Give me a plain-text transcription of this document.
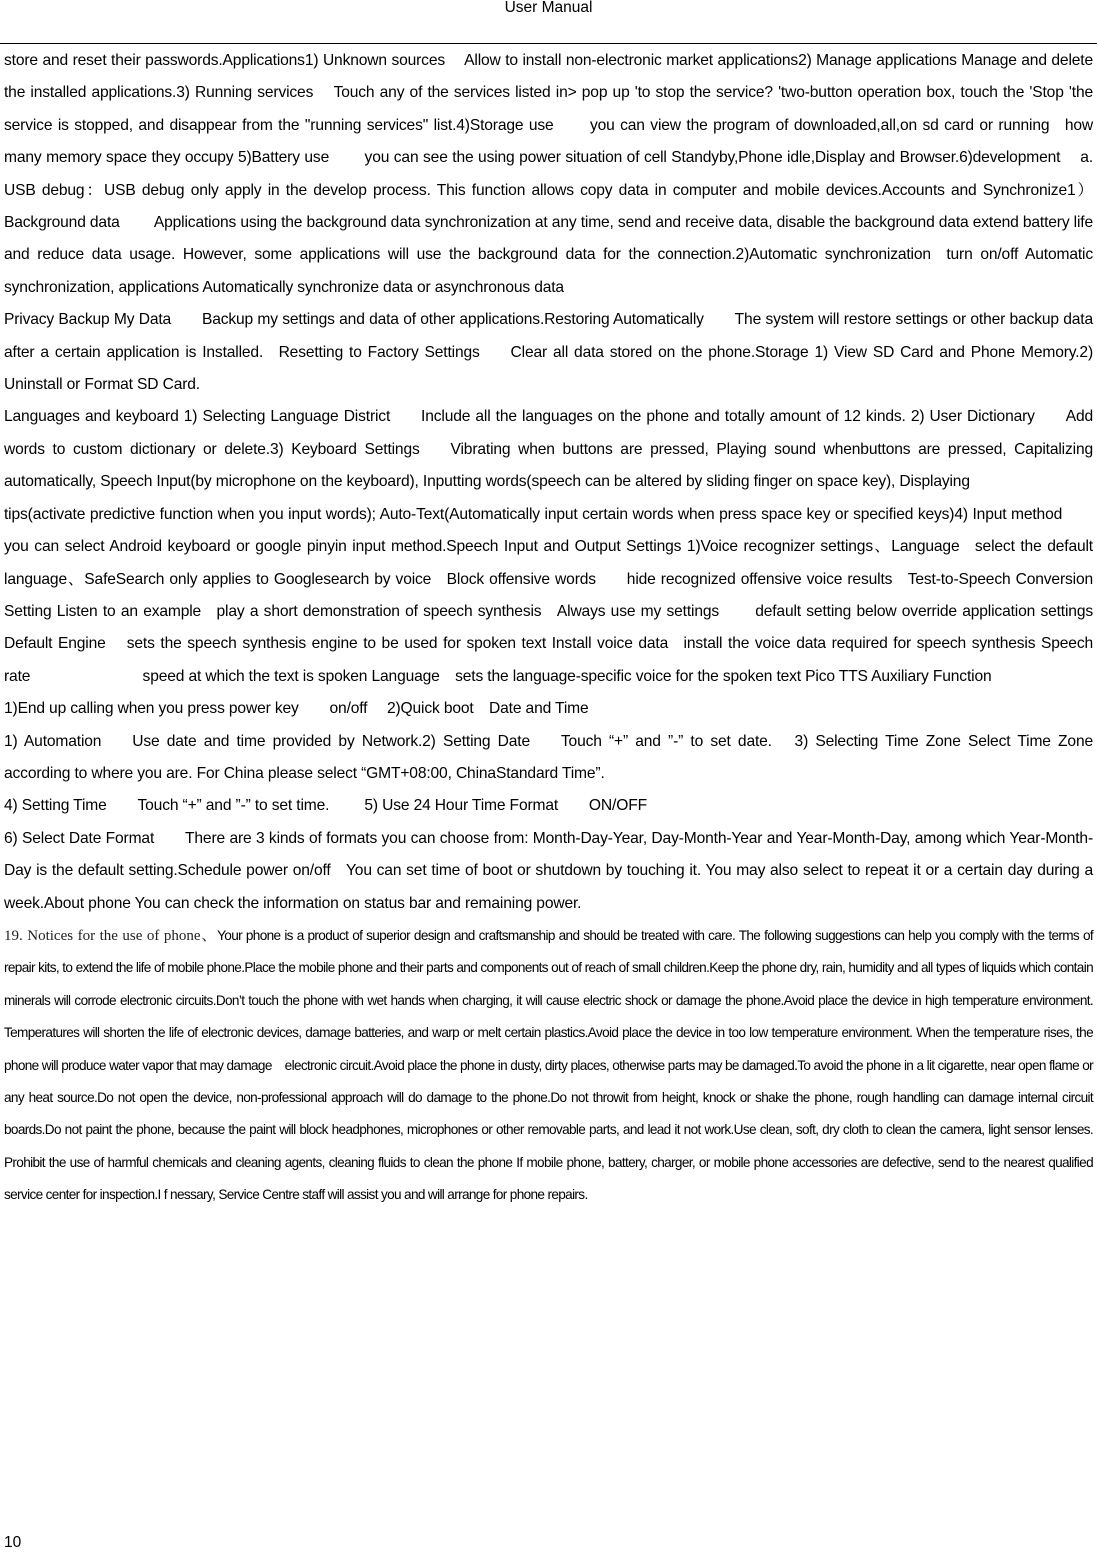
User Manual

store and reset their passwords.Applications1) Unknown sources  Allow to install non-electronic market applications2) Manage applications Manage and delete the installed applications.3) Running services  Touch any of the services listed in> pop up 'to stop the service? 'two-button operation box, touch the 'Stop 'the service is stopped, and disappear from the "running services" list.4)Storage use   you can view the program of downloaded,all,on sd card or running how many memory space they occupy 5)Battery use   you can see the using power situation of cell Standyby,Phone idle,Display and Browser.6)development  a. USB debug：USB debug only apply in the develop process. This function allows copy data in computer and mobile devices.Accounts and Synchronize1）Background data   Applications using the background data synchronization at any time, send and receive data, disable the background data extend battery life and reduce data usage. However, some applications will use the background data for the connection.2)Automatic synchronization turn on/off Automatic synchronization, applications Automatically synchronize data or asynchronous data

Privacy Backup My Data  Backup my settings and data of other applications.Restoring Automatically  The system will restore settings or other backup data after a certain application is Installed. Resetting to Factory Settings  Clear all data stored on the phone.Storage 1) View SD Card and Phone Memory.2) Uninstall or Format SD Card.

Languages and keyboard 1) Selecting Language District  Include all the languages on the phone and totally amount of 12 kinds. 2) User Dictionary  Add words to custom dictionary or delete.3) Keyboard Settings  Vibrating when buttons are pressed, Playing sound whenbuttons are pressed, Capitalizing automatically, Speech Input(by microphone on the keyboard), Inputting words(speech can be altered by sliding finger on space key), Displaying

tips(activate predictive function when you input words); Auto-Text(Automatically input certain words when press space key or specified keys)4) Input method  you can select Android keyboard or google pinyin input method.Speech Input and Output Settings 1)Voice recognizer settings、Language select the default language、SafeSearch only applies to Googlesearch by voice Block offensive words  hide recognized offensive voice results Test-to-Speech Conversion Setting Listen to an example play a short demonstration of speech synthesis Always use my settings   default setting below override application settings Default Engine  sets the speech synthesis engine to be used for spoken text Install voice data install the voice data required for speech synthesis Speech rate        speed at which the text is spoken Language sets the language-specific voice for the spoken text Pico TTS Auxiliary Function

1)End up calling when you press power key  on/off  2)Quick boot Date and Time

1) Automation  Use date and time provided by Network.2) Setting Date  Touch “+” and ”-” to set date.  3) Selecting Time Zone Select Time Zone according to where you are. For China please select “GMT+08:00, ChinaStandard Time”.

4) Setting Time  Touch “+” and ”-” to set time.   5) Use 24 Hour Time Format  ON/OFF

6) Select Date Format  There are 3 kinds of formats you can choose from: Month-Day-Year, Day-Month-Year and Year-Month-Day, among which Year-Month-Day is the default setting.Schedule power on/off You can set time of boot or shutdown by touching it. You may also select to repeat it or a certain day during a week.About phone You can check the information on status bar and remaining power.

19. Notices for the use of phone、Your phone is a product of superior design and craftsmanship and should be treated with care. The following suggestions can help you comply with the terms of repair kits, to extend the life of mobile phone.Place the mobile phone and their parts and components out of reach of small children.Keep the phone dry, rain, humidity and all types of liquids which contain minerals will corrode electronic circuits.Don’t touch the phone with wet hands when charging, it will cause electric shock or damage the phone.Avoid place the device in high temperature environment. Temperatures will shorten the life of electronic devices, damage batteries, and warp or melt certain plastics.Avoid place the device in too low temperature environment. When the temperature rises, the phone will produce water vapor that may damage electronic circuit.Avoid place the phone in dusty, dirty places, otherwise parts may be damaged.To avoid the phone in a lit cigarette, near open flame or any heat source.Do not open the device, non-professional approach will do damage to the phone.Do not throwit from height, knock or shake the phone, rough handling can damage internal circuit boards.Do not paint the phone, because the paint will block headphones, microphones or other removable parts, and lead it not work.Use clean, soft, dry cloth to clean the camera, light sensor lenses. Prohibit the use of harmful chemicals and cleaning agents, cleaning fluids to clean the phone If mobile phone, battery, charger, or mobile phone accessories are defective, send to the nearest qualified service center for inspection.I f nessary, Service Centre staff will assist you and will arrange for phone repairs.

10
